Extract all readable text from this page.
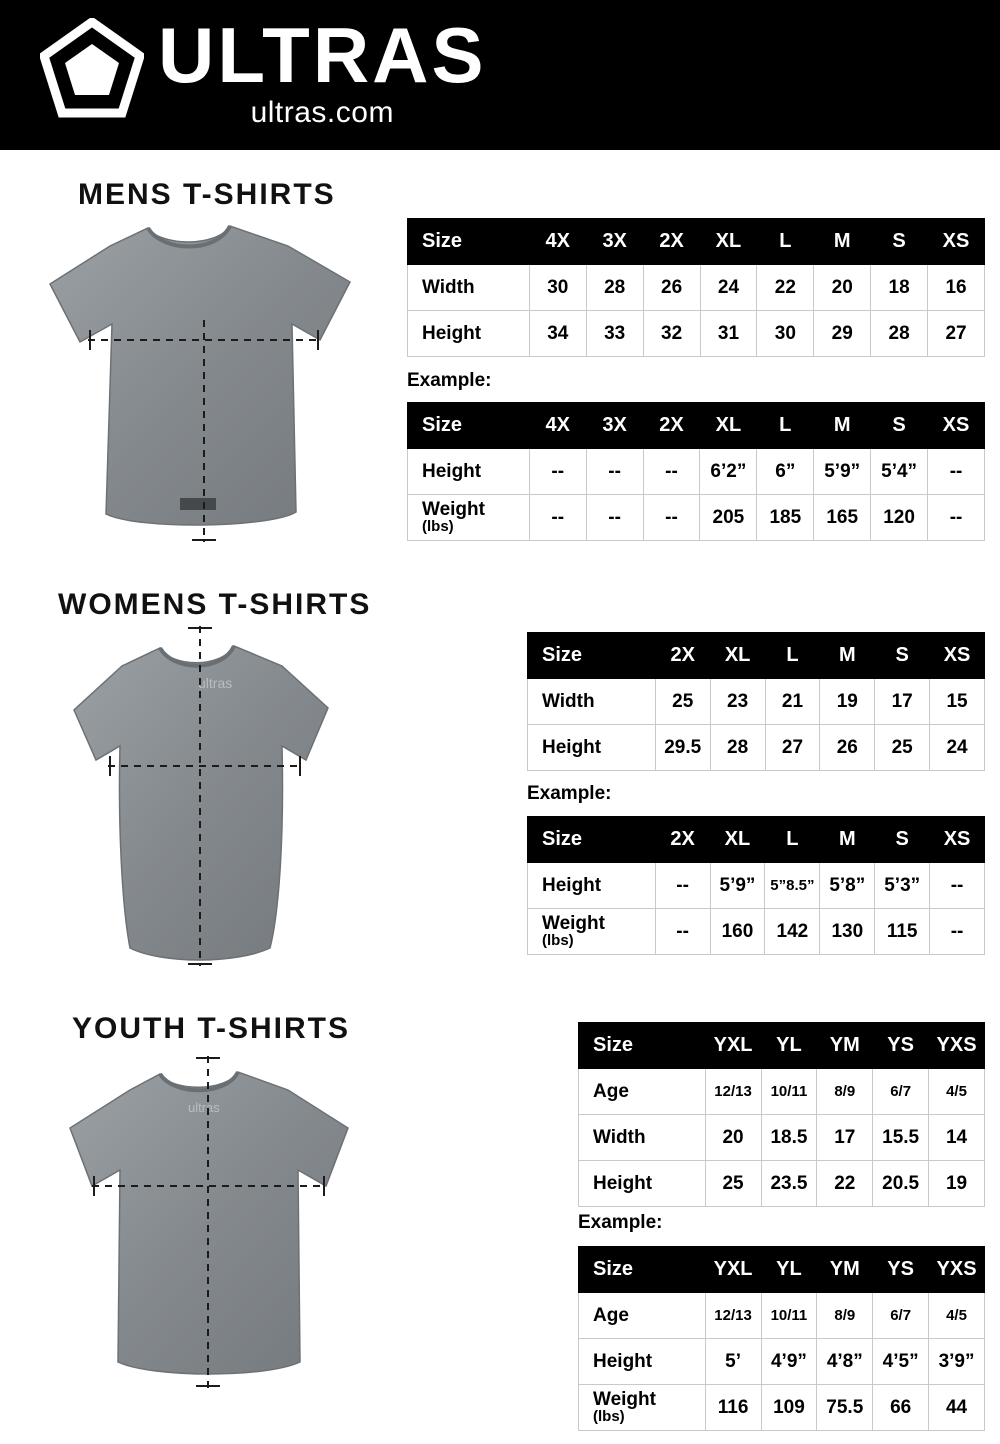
ULTRAS
ultras.com
MENS T-SHIRTS
Size	4X	3X	2X	XL	L	M	S	XS
Width	30	28	26	24	22	20	18	16
Height	34	33	32	31	30	29	28	27
Example:
Size	4X	3X	2X	XL	L	M	S	XS
Height	--	--	--	6’2”	6”	5’9”	5’4”	--

Weight
(lbs)	--	--	--	205	185	165	120	--
WOMENS T-SHIRTS
ultras
Size	2X	XL	L	M	S	XS
Width	25	23	21	19	17	15
Height	29.5	28	27	26	25	24
Example:
Size	2X	XL	L	M	S	XS
Height	--	5’9”	5”8.5”	5’8”	5’3”	--

Weight
(lbs)	--	160	142	130	115	--
YOUTH T-SHIRTS
ultras
Size	YXL	YL	YM	YS	YXS
Age	12/13	10/11	8/9	6/7	4/5
Width	20	18.5	17	15.5	14
Height	25	23.5	22	20.5	19
Example:
Size	YXL	YL	YM	YS	YXS
Age	12/13	10/11	8/9	6/7	4/5
Height	5’	4’9”	4’8”	4’5”	3’9”

Weight
(lbs)	116	109	75.5	66	44
